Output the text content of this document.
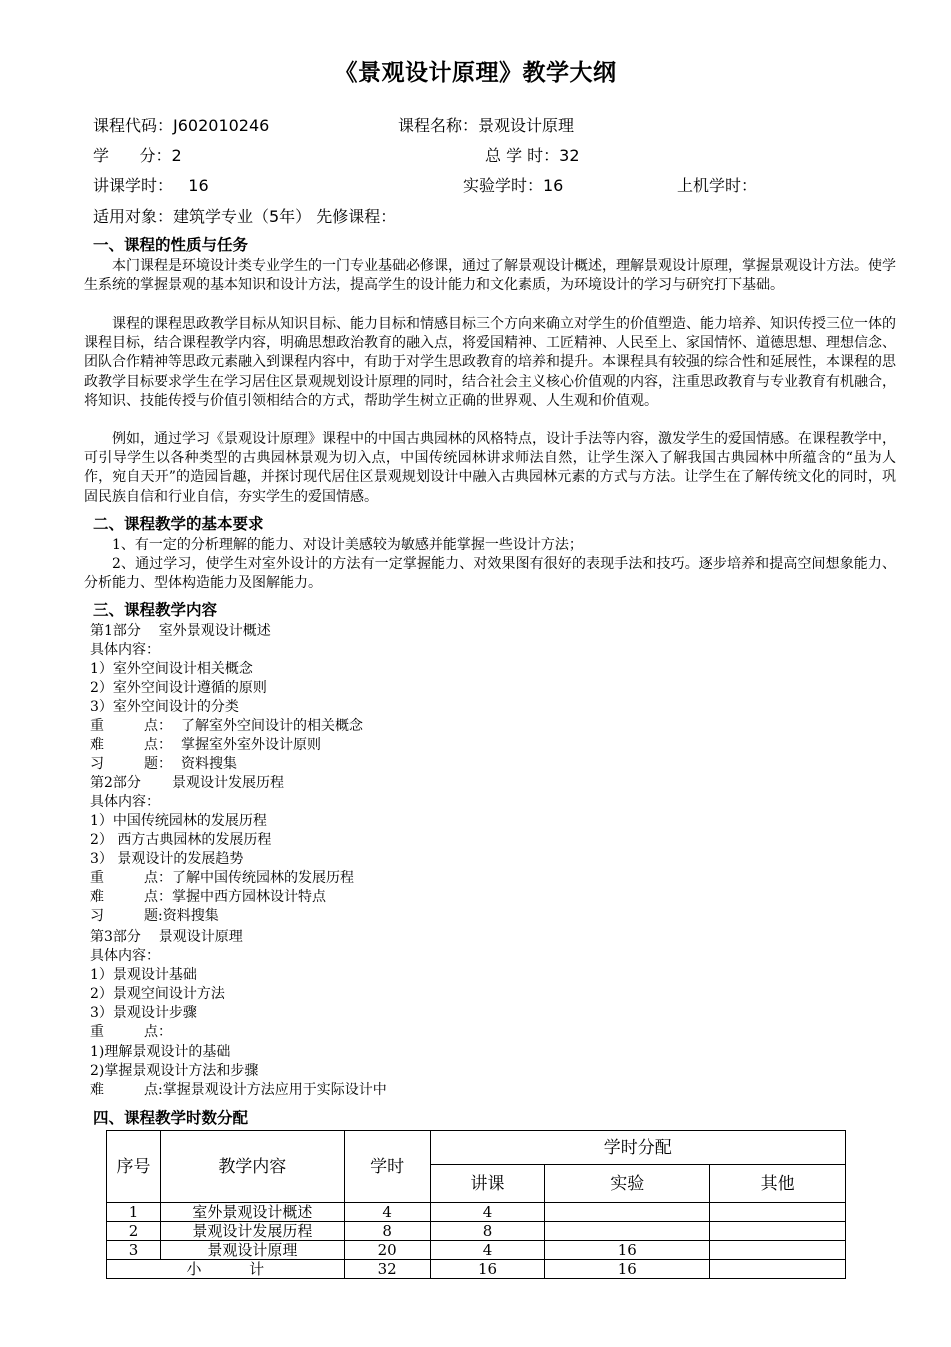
《景观设计原理》教学大纲
课程代码：J602010246	课程名称：景观设计原理
学      分：2	总 学 时：32
讲课学时：   16	实验学时：16	上机学时：
适用对象：建筑学专业（5年） 先修课程：
一、课程的性质与任务

本门课程是环境设计类专业学生的一门专业基础必修课，通过了解景观设计概述，理解景观设计原理，掌握景观设计方法。使学生系统的掌握景观的基本知识和设计方法，提高学生的设计能力和文化素质，为环境设计的学习与研究打下基础。

课程的课程思政教学目标从知识目标、能力目标和情感目标三个方向来确立对学生的价值塑造、能力培养、知识传授三位一体的课程目标，结合课程教学内容，明确思想政治教育的融入点，将爱国精神、工匠精神、人民至上、家国情怀、道德思想、理想信念、团队合作精神等思政元素融入到课程内容中，有助于对学生思政教育的培养和提升。本课程具有较强的综合性和延展性，本课程的思政教学目标要求学生在学习居住区景观规划设计原理的同时，结合社会主义核心价值观的内容，注重思政教育与专业教育有机融合，将知识、技能传授与价值引领相结合的方式，帮助学生树立正确的世界观、人生观和价值观。

例如，通过学习《景观设计原理》课程中的中国古典园林的风格特点，设计手法等内容，激发学生的爱国情感。在课程教学中，可引导学生以各种类型的古典园林景观为切入点，中国传统园林讲求师法自然，让学生深入了解我国古典园林中所蕴含的“虽为人作，宛自天开”的造园旨趣，并探讨现代居住区景观规划设计中融入古典园林元素的方式与方法。让学生在了解传统文化的同时，巩固民族自信和行业自信，夯实学生的爱国情感。

二、课程教学的基本要求

1、有一定的分析理解的能力、对设计美感较为敏感并能掌握一些设计方法；

2、通过学习，使学生对室外设计的方法有一定掌握能力、对效果图有很好的表现手法和技巧。逐步培养和提高空间想象能力、分析能力、型体构造能力及图解能力。

三、课程教学内容
第1部分    室外景观设计概述
具体内容：
1）室外空间设计相关概念
2）室外空间设计遵循的原则
3）室外空间设计的分类
重         点：  了解室外空间设计的相关概念
难         点：  掌握室外室外设计原则
习         题：  资料搜集
第2部分       景观设计发展历程
具体内容：
1）中国传统园林的发展历程
2） 西方古典园林的发展历程
3） 景观设计的发展趋势
重         点：了解中国传统园林的发展历程
难         点：掌握中西方园林设计特点
习         题:资料搜集
第3部分    景观设计原理
具体内容：
1）景观设计基础
2）景观空间设计方法
3）景观设计步骤
重         点：
1)理解景观设计的基础
2)掌握景观设计方法和步骤
难         点:掌握景观设计方法应用于实际设计中
四、课程教学时数分配
序号	教学内容	学时	学时分配		
			讲课	实验	其他
1	室外景观设计概述	4	4		
2	景观设计发展历程	8	8		
3	景观设计原理	20	4	16	
小          计		32	16	16	
